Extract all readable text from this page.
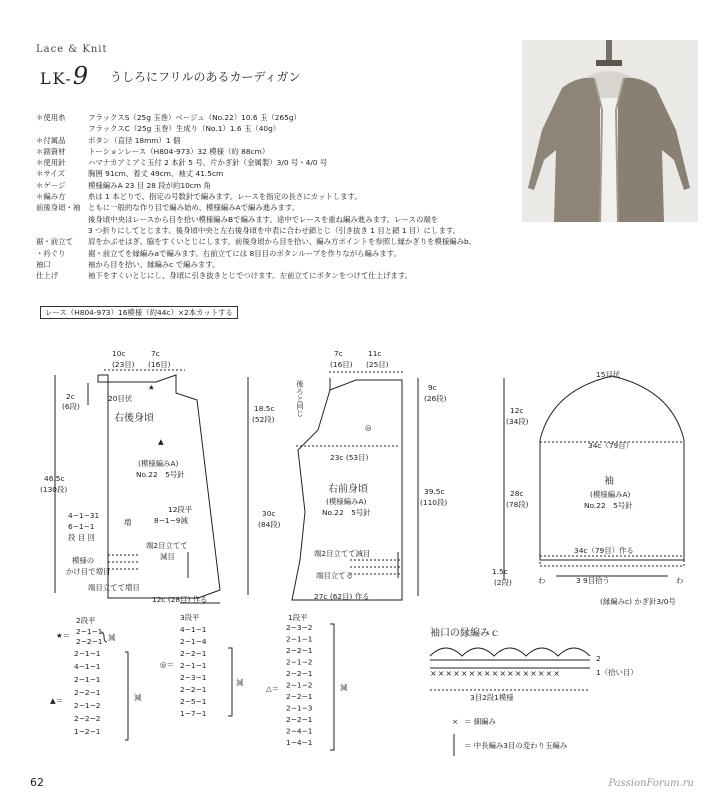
Lace & Knit
LK-9 うしろにフリルのあるカーディガン
＊使用糸	フラックスS（25g 玉巻）ベージュ（No.22）10.6 玉（265g）
フラックスC（25g 玉巻）生成り（No.1）1.6 玉（40g）
＊付属品	ボタン（直径 18mm）1 個
＊副資材	トーションレース（H804-973）32 模様（約 88cm）
＊使用針	ハマナカアミアミ玉付 2 本針 5 号、片かぎ針（金属製）3/0 号・4/0 号
＊サイズ	胸囲 91cm、着丈 49cm、袖丈 41.5cm
＊ゲージ	模様編みA 23 目 28 段が約10cm 角
＊編み方	糸は 1 本どりで、指定の号数針で編みます。レースを指定の長さにカットします。
前後身頃・袖	ともに一般的な作り目で編み始め、模様編みAで編み進みます。
後身頃中央はレースから目を拾い模様編みBで編みます。途中でレースを重ね編み進みます。レースの端を
3 つ折りにしてとじます。後身頃中央と左右後身頃を中表に合わせ鎖とじ（引き抜き 1 目と鎖 1 目）にします。
裾・前立て	肩をかぶせはぎ、脇をすくいとじにします。前後身頃から目を拾い、編み方ポイントを参照し縁かぎりを模様編みb、
・衿ぐり	裾・前立てを縁編みaで編みます。右前立てには 8目目のボタンループを作りながら編みます。
袖口	袖から目を拾い、縁編みc で編みます。
仕上げ	袖下をすくいとじにし、身頃に引き抜きとじでつけます。左前立てにボタンをつけて仕上げます。
レース（H804-973）16模様（約44c）×2本カットする
10c
(23目)
7c
(16目)
2c
(6段)
46.5c
(130段)
20目伏
右後身頃
(模様編みA)
No.22　5号針
18.5c
(52段)
30c
(84段)
12段平
8−1−9減
4−1−31
6−1−1
段 目 回
増
端2目立てて
減目
模様の
かけ目で増目
端目立てて増目
12c (28目) 作る
★
▲
7c
(16目)
11c
(25目)
後ろと同じ
23c (53目)
右前身頃
(模様編みA)
No.22　5号針
9c
(26段)
39.5c
(110段)
端2目立てて減目
端目立てる
27c (62目) 作る
◎
15目伏
12c
(34段)
34c（79目）
袖
(模様編みA)
No.22　5号針
28c
(78段)
34c（79目）作る
1.5c
(2段)	3 9目拾う
(縁編みc) かぎ針3/0号
わ	わ
2段平
★＝ 2−1−1
2−2−1 減
▲＝
2−1−1
4−1−1
2−1−1
2−2−1
2−1−2
2−2−2
1−2−1
減
3段平
◎＝
4−1−1
2−1−4
2−2−1
2−1−1
2−3−1
2−2−1
2−5−1
1−7−1
減
1段平
△＝
2−3−2
2−1−1
2−2−1
2−1−2
2−2−1
2−1−2
2−2−1
2−1−3
2−2−1
2−4−1
1−4−1
減
袖口の縁編みｃ
2
1（拾い目）
3目2段1模様
× ＝ 細編み
＝ 中長編み3目の変わり玉編み
×××××××××××××××××
62	PassionForum.ru
